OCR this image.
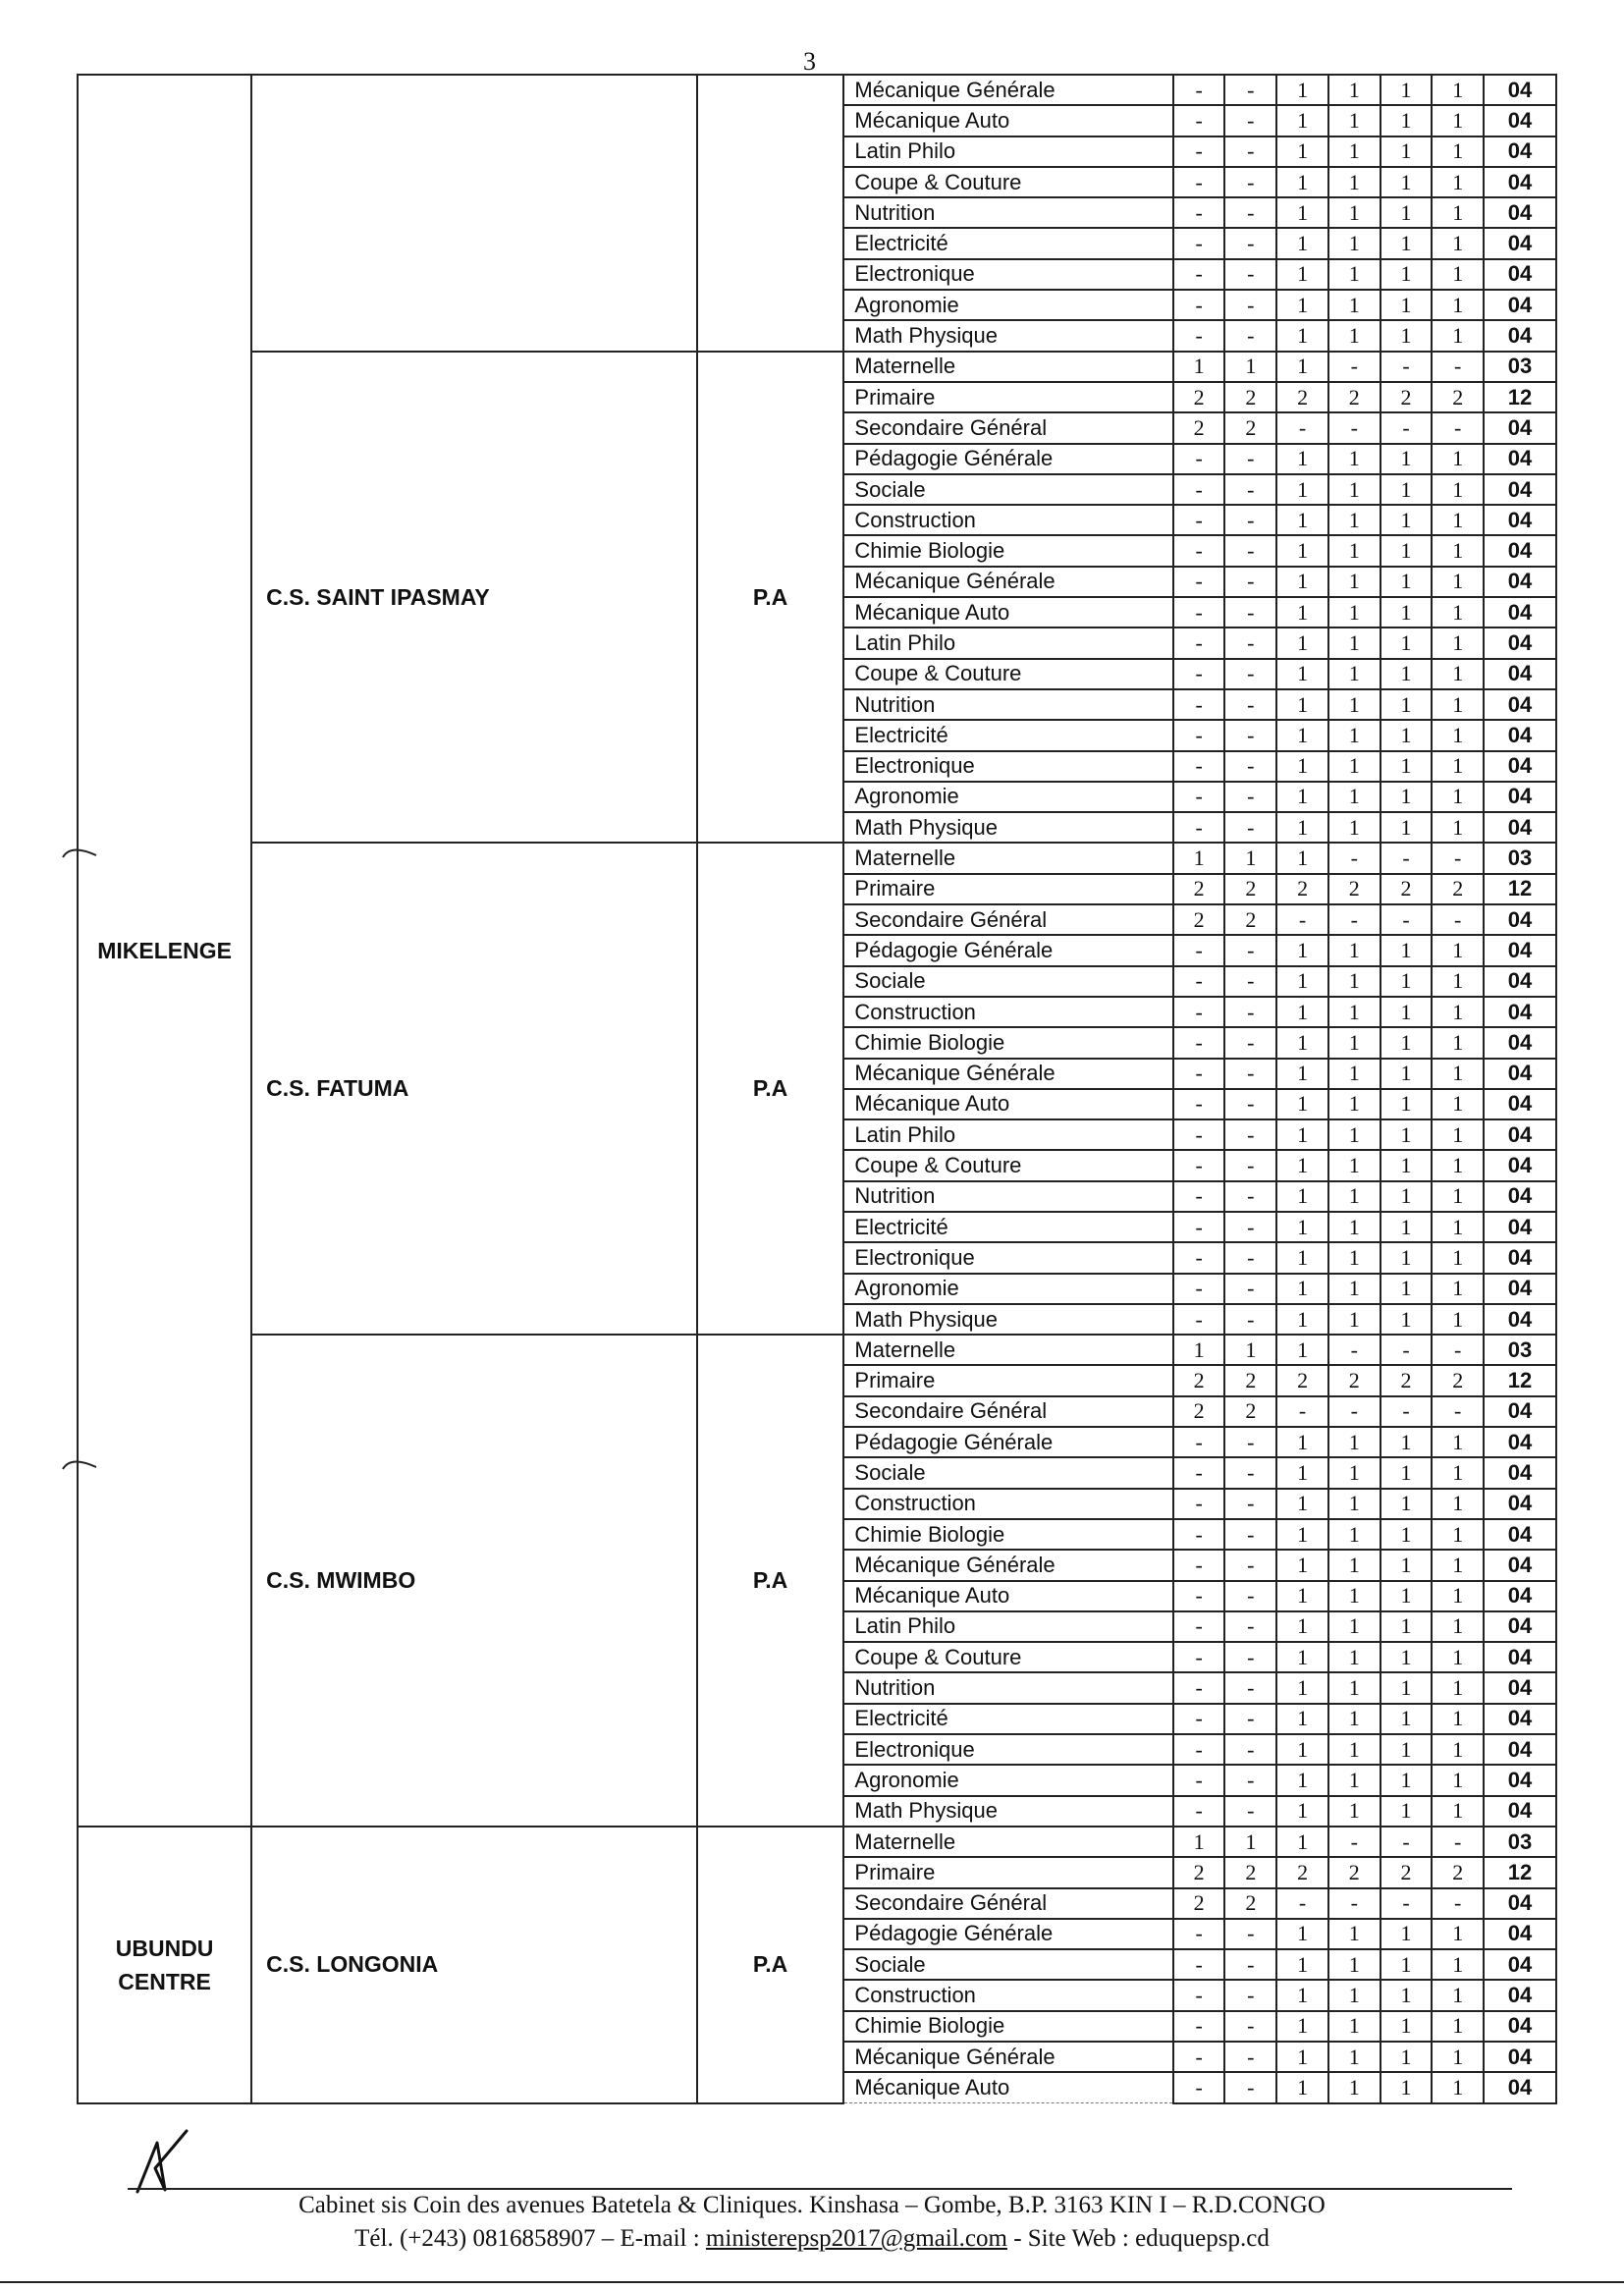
3
MIKELENGE			Mécanique Générale	-	-	1	1	1	1	04
			Mécanique Auto	-	-	1	1	1	1	04
			Latin Philo	-	-	1	1	1	1	04
			Coupe & Couture	-	-	1	1	1	1	04
			Nutrition	-	-	1	1	1	1	04
			Electricité	-	-	1	1	1	1	04
			Electronique	-	-	1	1	1	1	04
			Agronomie	-	-	1	1	1	1	04
			Math Physique	-	-	1	1	1	1	04
	C.S. SAINT IPASMAY	P.A	Maternelle	1	1	1	-	-	-	03
			Primaire	2	2	2	2	2	2	12
			Secondaire Général	2	2	-	-	-	-	04
			Pédagogie Générale	-	-	1	1	1	1	04
			Sociale	-	-	1	1	1	1	04
			Construction	-	-	1	1	1	1	04
			Chimie Biologie	-	-	1	1	1	1	04
			Mécanique Générale	-	-	1	1	1	1	04
			Mécanique Auto	-	-	1	1	1	1	04
			Latin Philo	-	-	1	1	1	1	04
			Coupe & Couture	-	-	1	1	1	1	04
			Nutrition	-	-	1	1	1	1	04
			Electricité	-	-	1	1	1	1	04
			Electronique	-	-	1	1	1	1	04
			Agronomie	-	-	1	1	1	1	04
			Math Physique	-	-	1	1	1	1	04
	C.S. FATUMA	P.A	Maternelle	1	1	1	-	-	-	03
			Primaire	2	2	2	2	2	2	12
			Secondaire Général	2	2	-	-	-	-	04
			Pédagogie Générale	-	-	1	1	1	1	04
			Sociale	-	-	1	1	1	1	04
			Construction	-	-	1	1	1	1	04
			Chimie Biologie	-	-	1	1	1	1	04
			Mécanique Générale	-	-	1	1	1	1	04
			Mécanique Auto	-	-	1	1	1	1	04
			Latin Philo	-	-	1	1	1	1	04
			Coupe & Couture	-	-	1	1	1	1	04
			Nutrition	-	-	1	1	1	1	04
			Electricité	-	-	1	1	1	1	04
			Electronique	-	-	1	1	1	1	04
			Agronomie	-	-	1	1	1	1	04
			Math Physique	-	-	1	1	1	1	04
	C.S. MWIMBO	P.A	Maternelle	1	1	1	-	-	-	03
			Primaire	2	2	2	2	2	2	12
			Secondaire Général	2	2	-	-	-	-	04
			Pédagogie Générale	-	-	1	1	1	1	04
			Sociale	-	-	1	1	1	1	04
			Construction	-	-	1	1	1	1	04
			Chimie Biologie	-	-	1	1	1	1	04
			Mécanique Générale	-	-	1	1	1	1	04
			Mécanique Auto	-	-	1	1	1	1	04
			Latin Philo	-	-	1	1	1	1	04
			Coupe & Couture	-	-	1	1	1	1	04
			Nutrition	-	-	1	1	1	1	04
			Electricité	-	-	1	1	1	1	04
			Electronique	-	-	1	1	1	1	04
			Agronomie	-	-	1	1	1	1	04
			Math Physique	-	-	1	1	1	1	04
UBUNDU
CENTRE	C.S. LONGONIA	P.A	Maternelle	1	1	1	-	-	-	03
			Primaire	2	2	2	2	2	2	12
			Secondaire Général	2	2	-	-	-	-	04
			Pédagogie Générale	-	-	1	1	1	1	04
			Sociale	-	-	1	1	1	1	04
			Construction	-	-	1	1	1	1	04
			Chimie Biologie	-	-	1	1	1	1	04
			Mécanique Générale	-	-	1	1	1	1	04
			Mécanique Auto	-	-	1	1	1	1	04
Cabinet sis Coin des avenues Batetela & Cliniques. Kinshasa – Gombe, B.P. 3163 KIN I – R.D.CONGO
Tél. (+243) 0816858907 – E-mail : ministerepsp2017@gmail.com - Site Web : eduquepsp.cd
